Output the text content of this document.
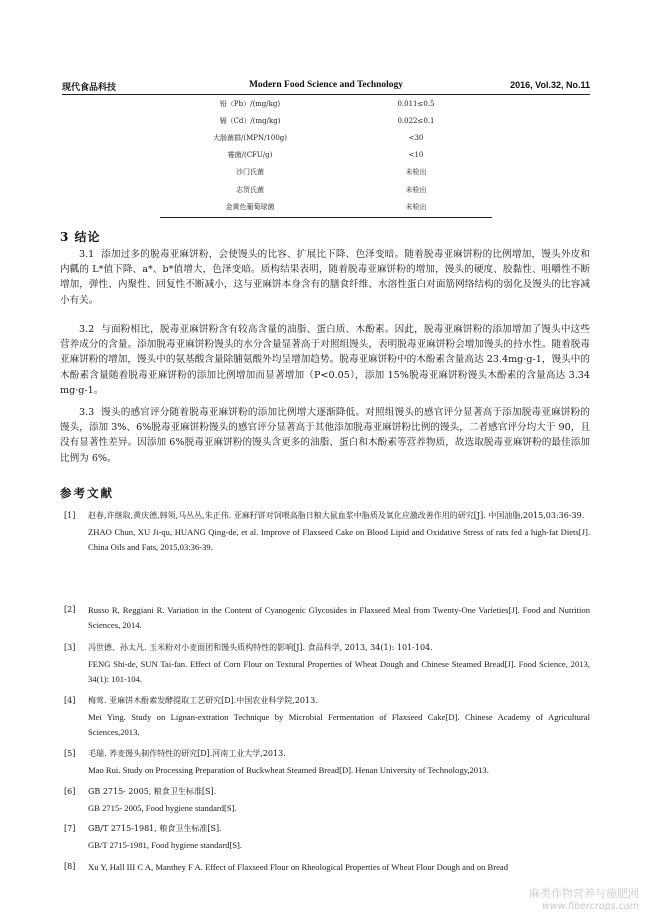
现代食品科技	Modern Food Science and Technology	2016, Vol.32, No.11
铅（Pb）/(mg/kg)	0.011≤0.5
镉（Cd）/(mg/kg)	0.022≤0.1
大肠菌群/(MPN/100g)	<30
霉菌/(CFU/g)	<10
沙门氏菌	未检出
志贺氏菌	未检出
金黄色葡萄球菌	未检出
3 结论
3.1 添加过多的脱毒亚麻饼粉，会使馒头的比容、扩展比下降、色泽变暗。随着脱毒亚麻饼粉的比例增加，馒头外皮和内瓤的 L*值下降、a*、b*值增大，色泽变暗。质构结果表明，随着脱毒亚麻饼粉的增加，馒头的硬度、胶黏性、咀嚼性不断增加，弹性、内聚性、回复性不断减小，这与亚麻饼本身含有的膳食纤维、水溶性蛋白对面筋网络结构的弱化及馒头的比容减小有关。
3.2 与面粉相比，脱毒亚麻饼粉含有较高含量的油脂、蛋白质、木酚素。因此，脱毒亚麻饼粉的添加增加了馒头中这些营养成分的含量。添加脱毒亚麻饼粉馒头的水分含量显著高于对照组馒头，表明脱毒亚麻饼粉会增加馒头的持水性。随着脱毒亚麻饼粉的增加，馒头中的氨基酸含量除脯氨酸外均呈增加趋势。脱毒亚麻饼粉中的木酚素含量高达 23.4mg·g-1，馒头中的木酚素含量随着脱毒亚麻饼粉的添加比例增加而显著增加（P<0.05），添加 15%脱毒亚麻饼粉馒头木酚素的含量高达 3.34 mg·g-1。
3.3 馒头的感官评分随着脱毒亚麻饼粉的添加比例增大逐渐降低。对照组馒头的感官评分显著高于添加脱毒亚麻饼粉的馒头，添加 3%、6%脱毒亚麻饼粉馒头的感官评分显著高于其他添加脱毒亚麻饼粉比例的馒头，二者感官评分均大于 90，且没有显著性差异。因添加 6%脱毒亚麻饼粉的馒头含更多的油脂、蛋白和木酚素等营养物质，故选取脱毒亚麻饼粉的最佳添加比例为 6%。
参考文献
[1]	赵春,许继取,黄庆德,韩领,马丛丛,朱正伟. 亚麻籽饼对饲喂高脂日粮大鼠血浆中脂质及氧化应激改善作用的研究[J]. 中国油脂,2015,03:36-39.
ZHAO Chun, XU Ji-qu, HUANG Qing-de, et al. Improve of Flaxseed Cake on Blood Lipid and Oxidative Stress of rats fed a high-fat Diets[J]. China Oils and Fats, 2015,03:36-39.
[2]	Russo R, Reggiani R. Variation in the Content of Cyanogenic Glycosides in Flaxseed Meal from Twenty-One Varieties[J]. Food and Nutrition Sciences, 2014.
[3]	冯世德、孙太凡. 玉米粉对小麦面团和馒头质构特性的影响[J]. 食品科学, 2013, 34(1): 101-104.
FENG Shi-de, SUN Tai-fan. Effect of Corn Flour on Textural Properties of Wheat Dough and Chinese Steamed Bread[J]. Food Science, 2013, 34(1): 101-104.
[4]	梅莺. 亚麻饼木酚素发酵提取工艺研究[D].中国农业科学院,2013.
Mei Ying. Study on Lignan-extration Technique by Microbial Fermentation of Flaxseed Cake[D]. Chinese Academy of Agricultural Sciences,2013.
[5]	毛瑞. 荞麦馒头制作特性的研究[D].河南工业大学,2013.
Mao Rui. Study on Processing Preparation of Buckwheat Steamed Bread[D]. Henan University of Technology,2013.
[6]	GB 2715- 2005, 粮食卫生标准[S].
GB 2715- 2005, Food hygiene standard[S].
[7]	GB/T 2715-1981, 粮食卫生标准[S].
GB/T 2715-1981, Food hygiene standard[S].
[8]	Xu Y, Hall III C A, Manthey F A. Effect of Flaxseed Flour on Rheological Properties of Wheat Flour Dough and on Bread
麻类作物营养与施肥网
www.fibercrops.com
